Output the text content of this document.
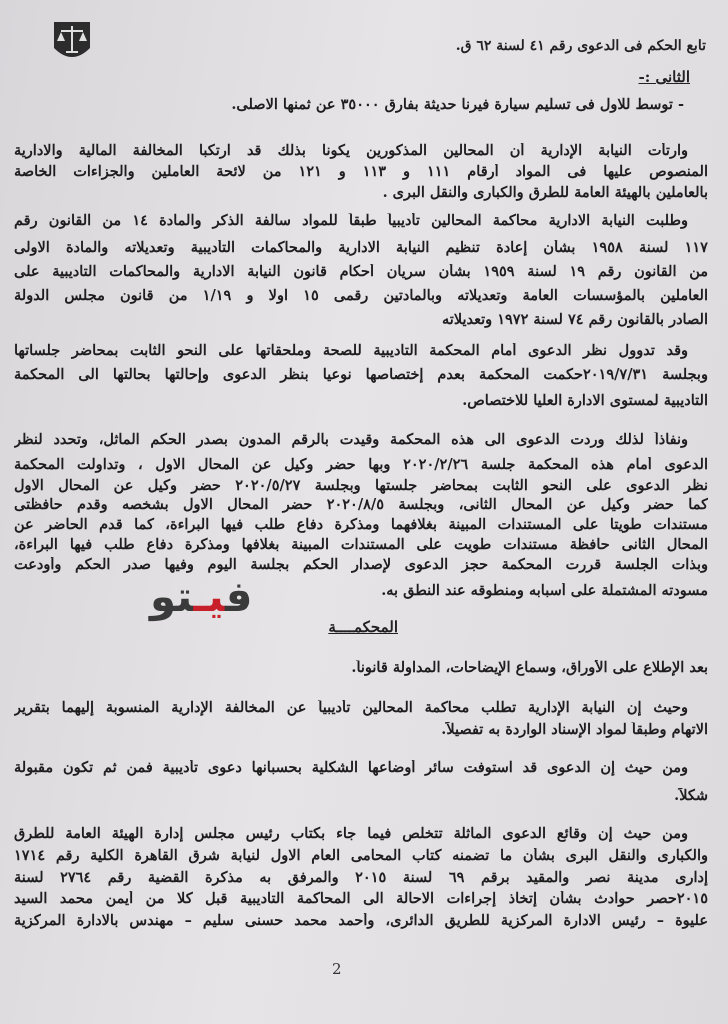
تابع الحكم فى الدعوى رقم ٤١ لسنة ٦٢ ق.
الثانى :-
- توسط للاول فى تسليم سيارة فيرنا حديثة بفارق ٣٥٠٠٠ عن ثمنها الاصلى.
وارتأت النيابة الإدارية أن المحالين المذكورين يكونا بذلك قد ارتكبا المخالفة المالية والادارية
المنصوص عليها فى المواد أرقام ١١١ و ١١٣ و ١٢١ من لائحة العاملين والجزاءات الخاصة
بالعاملين بالهيئة العامة للطرق والكبارى والنقل البرى .
وطلبت النيابة الادارية محاكمة المحالين تأديبياً طبقاً للمواد سالفة الذكر والمادة ١٤ من القانون رقم
١١٧ لسنة ١٩٥٨ بشأن إعادة تنظيم النيابة الادارية والمحاكمات التأديبية وتعديلاته والمادة الاولى
من القانون رقم ١٩ لسنة ١٩٥٩ بشأن سريان أحكام قانون النيابة الادارية والمحاكمات التاديبية على
العاملين بالمؤسسات العامة وتعديلاته وبالمادتين رقمى ١٥ اولا و ١/١٩ من قانون مجلس الدولة
الصادر بالقانون رقم ٧٤ لسنة ١٩٧٢ وتعديلاته
وقد تدوول نظر الدعوى أمام المحكمة التاديبية للصحة وملحقاتها على النحو الثابت بمحاضر جلساتها
وبجلسة ٢٠١٩/٧/٣١حكمت المحكمة بعدم إختصاصها نوعيا بنظر الدعوى وإحالتها بحالتها الى المحكمة
التاديبية لمستوى الادارة العليا للاختصاص.
ونفاذاً لذلك وردت الدعوى الى هذه المحكمة وقيدت بالرقم المدون بصدر الحكم الماثل، وتحدد لنظر
الدعوى أمام هذه المحكمة جلسة ٢٠٢٠/٢/٢٦ وبها حضر وكيل عن المحال الاول ، وتداولت المحكمة
نظر الدعوى على النحو الثابت بمحاضر جلستها وبجلسة ٢٠٢٠/٥/٢٧ حضر وكيل عن المحال الاول
كما حضر وكيل عن المحال الثانى، وبجلسة ٢٠٢٠/٨/٥ حضر المحال الاول بشخصه وقدم حافظتى
مستندات طويتا على المستندات المبينة بغلافهما ومذكرة دفاع طلب فيها البراءة، كما قدم الحاضر عن
المحال الثانى حافظة مستندات طويت على المستندات المبينة بغلافها ومذكرة دفاع طلب فيها البراءة،
وبذات الجلسة قررت المحكمة حجز الدعوى لإصدار الحكم بجلسة اليوم وفيها صدر الحكم وأودعت
مسودته المشتملة على أسبابه ومنطوقه عند النطق به.
فيـتو
المحكمــــة
بعد الإطلاع على الأوراق، وسماع الإيضاحات، المداولة قانوناً.
وحيث إن النيابة الإدارية تطلب محاكمة المحالين تأديبياً عن المخالفة الإدارية المنسوبة إليهما بتقرير
الاتهام وطبقاً لمواد الإسناد الواردة به تفصيلاً.
ومن حيث إن الدعوى قد استوفت سائر أوضاعها الشكلية بحسبانها دعوى تأديبية فمن ثم تكون مقبولة
شكلاً.
ومن حيث إن وقائع الدعوى الماثلة تتخلص فيما جاء بكتاب رئيس مجلس إدارة الهيئة العامة للطرق
والكبارى والنقل البرى بشأن ما تضمنه كتاب المحامى العام الاول لنيابة شرق القاهرة الكلية رقم ١٧١٤
إدارى مدينة نصر والمقيد برقم ٦٩ لسنة ٢٠١٥ والمرفق به مذكرة القضية رقم ٢٧٦٤ لسنة
٢٠١٥حصر حوادث بشأن إتخاذ إجراءات الاحالة الى المحاكمة التاديبية قبل كلا من أيمن محمد السيد
عليوة – رئيس الادارة المركزية للطريق الدائرى، وأحمد محمد حسنى سليم – مهندس بالادارة المركزية
2
